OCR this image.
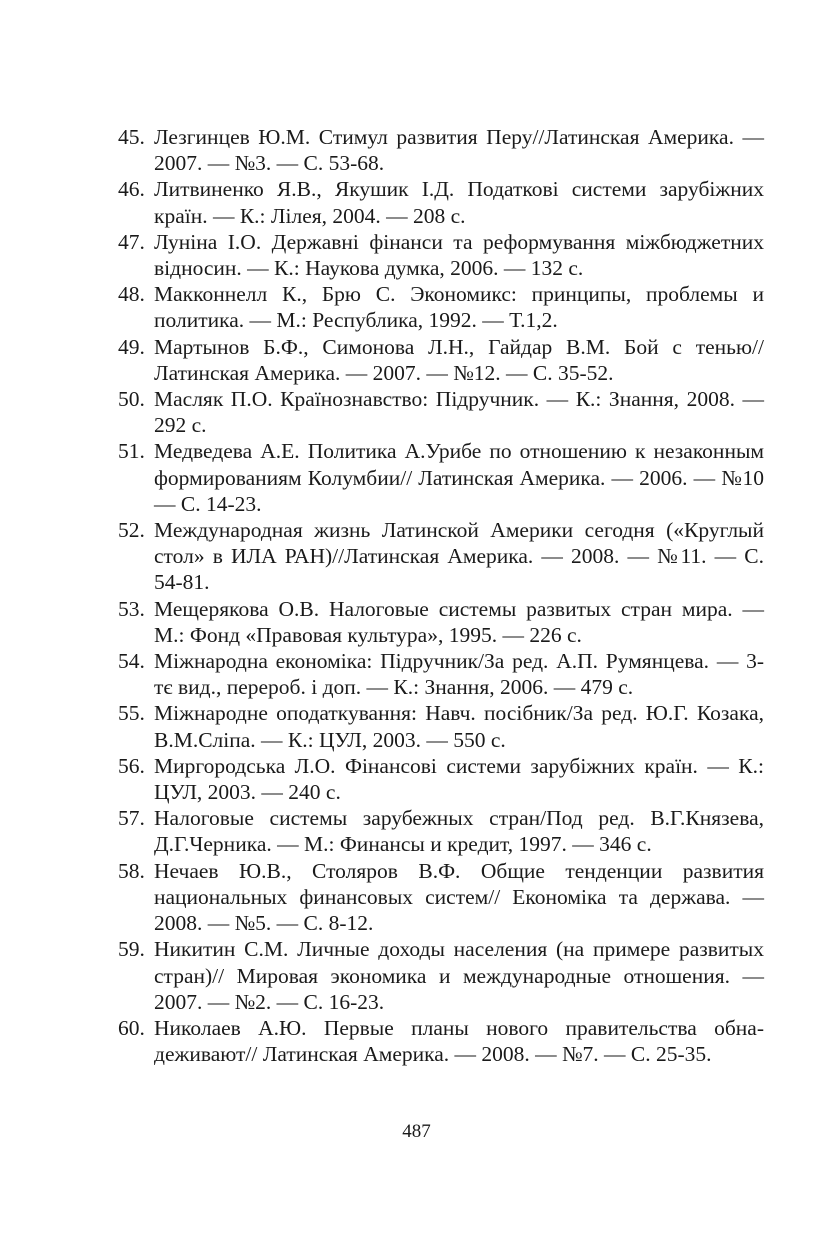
45. Лезгинцев Ю.М. Стимул развития Перу//Латинская Америка. — 2007. — №3. — С. 53-68.
46. Литвиненко Я.В., Якушик І.Д. Податкові системи зарубіжних країн. — К.: Лілея, 2004. — 208 с.
47. Луніна І.О. Державні фінанси та реформування міжбюджетних відносин. — К.: Наукова думка, 2006. — 132 с.
48. Макконнелл К., Брю С. Экономикс: принципы, проблемы и политика. — М.: Республика, 1992. — Т.1,2.
49. Мартынов Б.Ф., Симонова Л.Н., Гайдар В.М. Бой с тенью// Латинская Америка. — 2007. — №12. — С. 35-52.
50. Масляк П.О. Країнознавство: Підручник. — К.: Знання, 2008. — 292 с.
51. Медведева А.Е. Политика А.Урибе по отношению к незаконным формированиям Колумбии// Латинская Америка. — 2006. — №10 — С. 14-23.
52. Международная жизнь Латинской Америки сегодня («Круглый стол» в ИЛА РАН)//Латинская Америка. — 2008. — №11. — С. 54-81.
53. Мещерякова О.В. Налоговые системы развитых стран мира. — М.: Фонд «Правовая культура», 1995. — 226 с.
54. Міжнародна економіка: Підручник/За ред. А.П. Румянцева. — 3-тє вид., перероб. і доп. — К.: Знання, 2006. — 479 с.
55. Міжнародне оподаткування: Навч. посібник/За ред. Ю.Г. Козака, В.М.Сліпа. — К.: ЦУЛ, 2003. — 550 с.
56. Миргородська Л.О. Фінансові системи зарубіжних країн. — К.: ЦУЛ, 2003. — 240 с.
57. Налоговые системы зарубежных стран/Под ред. В.Г.Князева, Д.Г.Черника. — М.: Финансы и кредит, 1997. — 346 с.
58. Нечаев Ю.В., Столяров В.Ф. Общие тенденции развития национальных финансовых систем// Економіка та держава. — 2008. — №5. — С. 8-12.
59. Никитин С.М. Личные доходы населения (на примере развитых стран)// Мировая экономика и международные отношения. — 2007. — №2. — С. 16-23.
60. Николаев А.Ю. Первые планы нового правительства обнадеживают// Латинская Америка. — 2008. — №7. — С. 25-35.
487
